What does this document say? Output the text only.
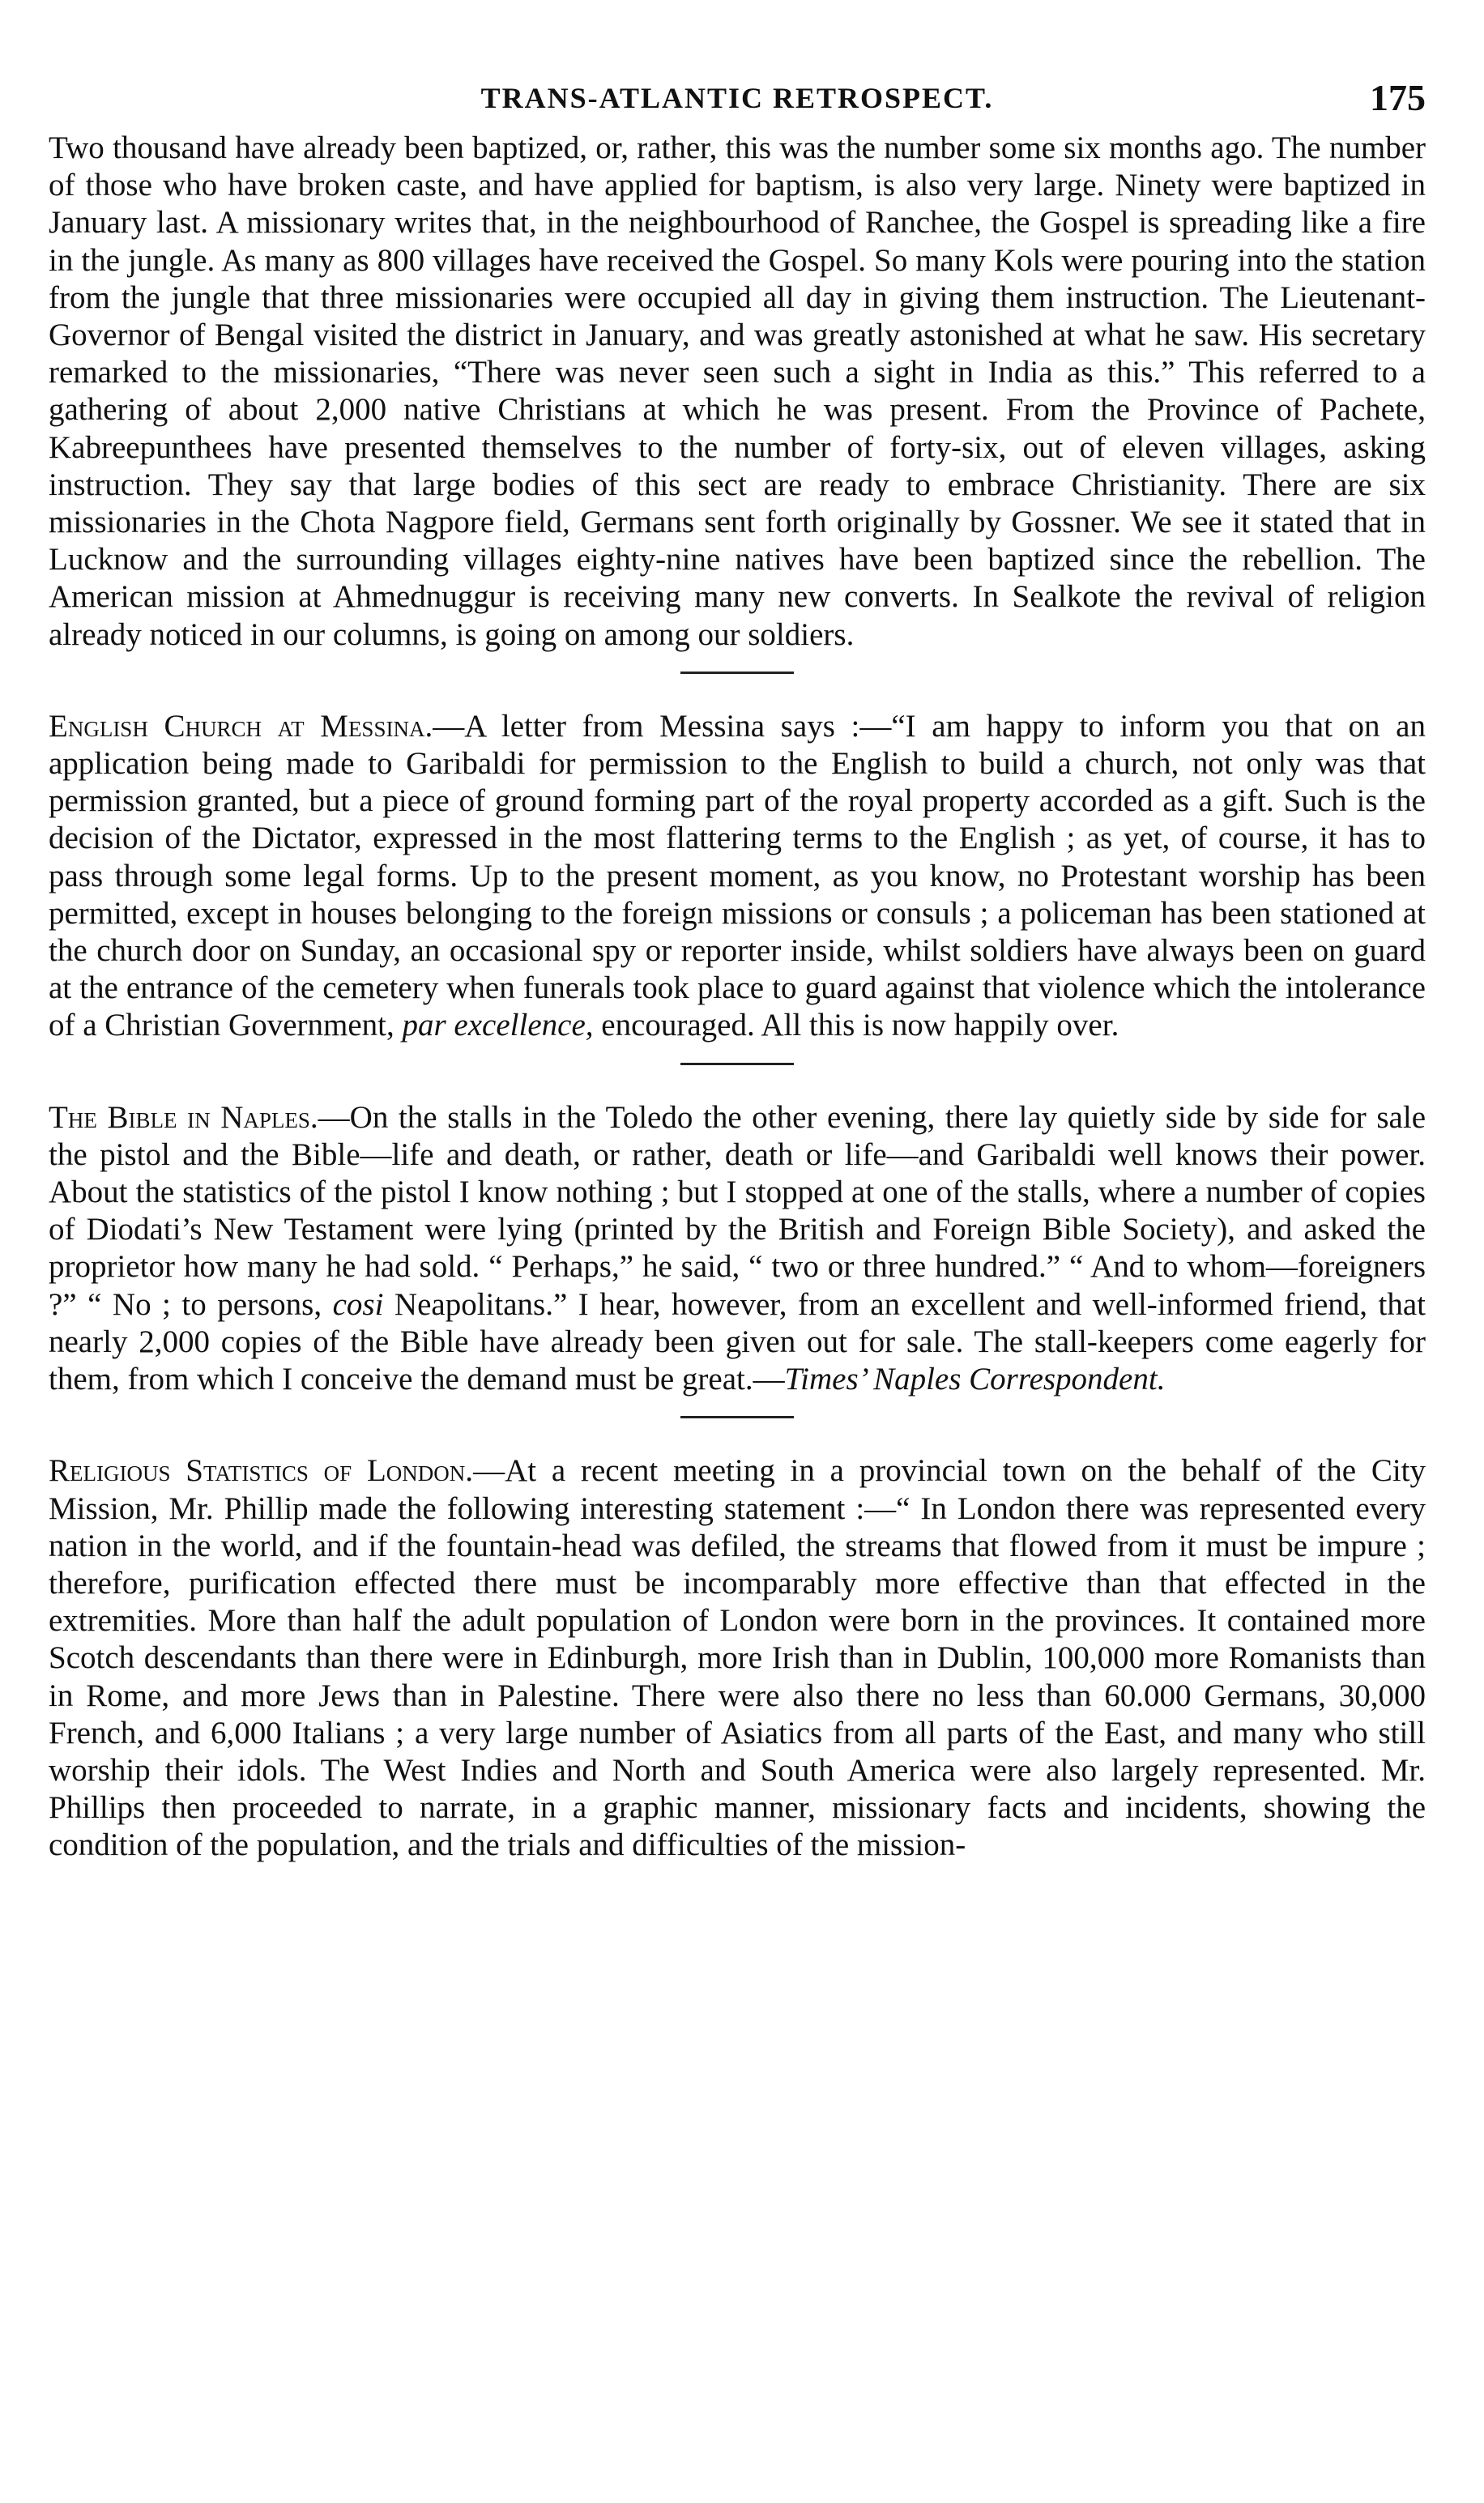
TRANS-ATLANTIC RETROSPECT.	175

Two thousand have already been baptized, or, rather, this was the number some six months ago. The number of those who have broken caste, and have applied for baptism, is also very large. Ninety were baptized in January last. A missionary writes that, in the neighbourhood of Ranchee, the Gospel is spreading like a fire in the jungle. As many as 800 villages have received the Gospel. So many Kols were pouring into the station from the jungle that three missionaries were occupied all day in giving them instruction. The Lieutenant-Governor of Bengal visited the district in January, and was greatly astonished at what he saw. His secretary remarked to the missionaries, “There was never seen such a sight in India as this.” This referred to a gathering of about 2,000 native Christians at which he was present. From the Province of Pachete, Kabreepunthees have presented themselves to the number of forty-six, out of eleven villages, asking instruction. They say that large bodies of this sect are ready to embrace Christianity. There are six missionaries in the Chota Nagpore field, Germans sent forth originally by Gossner. We see it stated that in Lucknow and the surrounding villages eighty-nine natives have been baptized since the rebellion. The American mission at Ahmednuggur is receiving many new converts. In Sealkote the revival of religion already noticed in our columns, is going on among our soldiers.

English Church at Messina.—A letter from Messina says :—“I am happy to inform you that on an application being made to Garibaldi for permission to the English to build a church, not only was that permission granted, but a piece of ground forming part of the royal property accorded as a gift. Such is the decision of the Dictator, expressed in the most flattering terms to the English ; as yet, of course, it has to pass through some legal forms. Up to the present moment, as you know, no Protestant worship has been permitted, except in houses belonging to the foreign missions or consuls ; a policeman has been stationed at the church door on Sunday, an occasional spy or reporter inside, whilst soldiers have always been on guard at the entrance of the cemetery when funerals took place to guard against that violence which the intolerance of a Christian Government, par excellence, encouraged. All this is now happily over.

The Bible in Naples.—On the stalls in the Toledo the other evening, there lay quietly side by side for sale the pistol and the Bible—life and death, or rather, death or life—and Garibaldi well knows their power. About the statistics of the pistol I know nothing ; but I stopped at one of the stalls, where a number of copies of Diodati’s New Testament were lying (printed by the British and Foreign Bible Society), and asked the proprietor how many he had sold. “ Perhaps,” he said, “ two or three hundred.” “ And to whom—foreigners ?” “ No ; to persons, cosi Neapolitans.” I hear, however, from an excellent and well-informed friend, that nearly 2,000 copies of the Bible have already been given out for sale. The stall-keepers come eagerly for them, from which I conceive the demand must be great.—Times’ Naples Correspondent.

Religious Statistics of London.—At a recent meeting in a provincial town on the behalf of the City Mission, Mr. Phillip made the following interesting statement :—“ In London there was represented every nation in the world, and if the fountain-head was defiled, the streams that flowed from it must be impure ; therefore, purification effected there must be incomparably more effective than that effected in the extremities. More than half the adult population of London were born in the provinces. It contained more Scotch descendants than there were in Edinburgh, more Irish than in Dublin, 100,000 more Romanists than in Rome, and more Jews than in Palestine. There were also there no less than 60.000 Germans, 30,000 French, and 6,000 Italians ; a very large number of Asiatics from all parts of the East, and many who still worship their idols. The West Indies and North and South America were also largely represented. Mr. Phillips then proceeded to narrate, in a graphic manner, missionary facts and incidents, showing the condition of the population, and the trials and difficulties of the mission-
